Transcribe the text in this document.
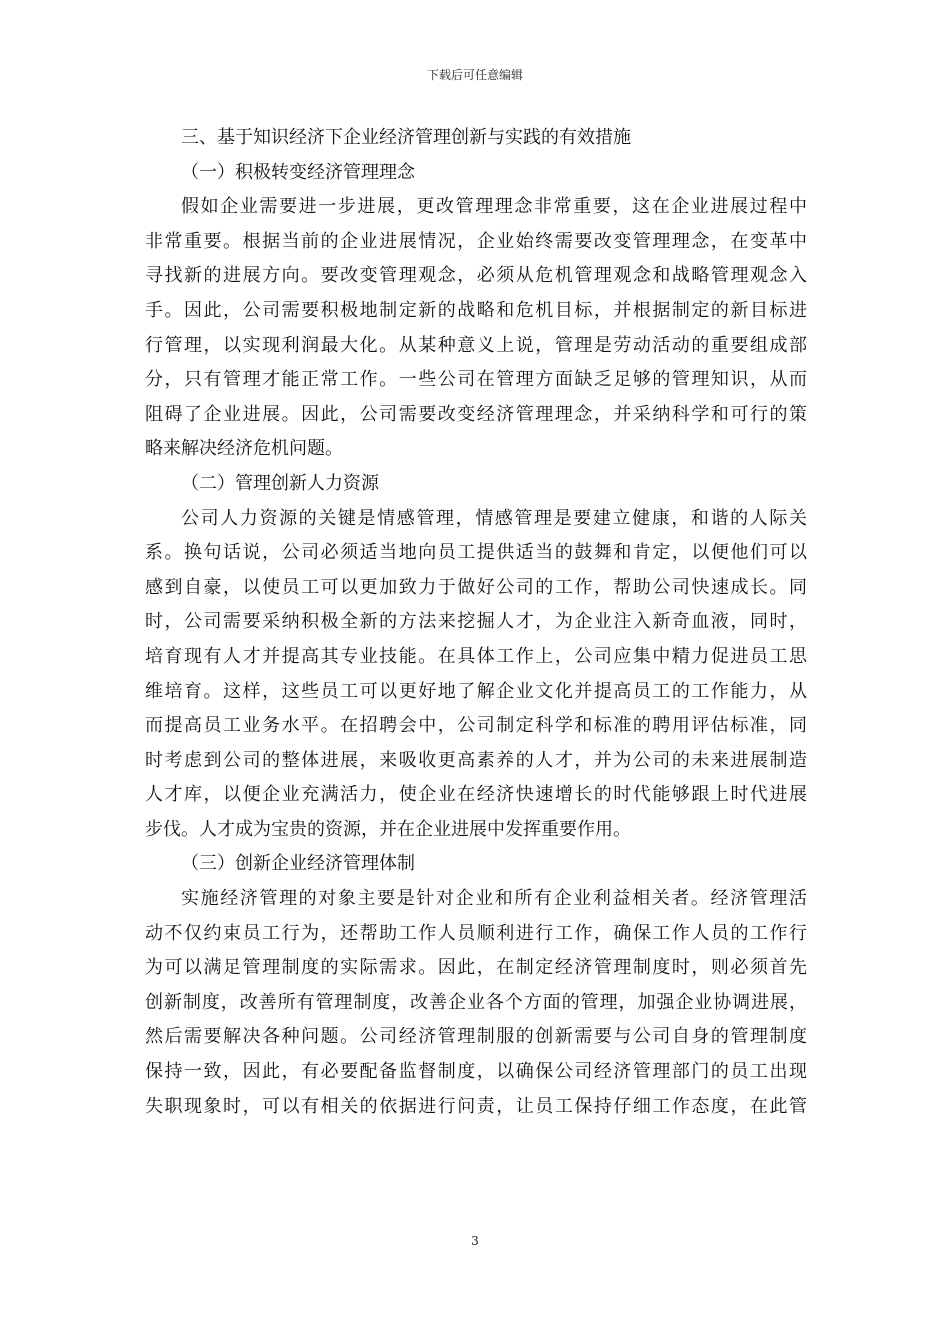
下载后可任意编辑
三、基于知识经济下企业经济管理创新与实践的有效措施
（一）积极转变经济管理理念
假如企业需要进一步进展，更改管理理念非常重要，这在企业进展过程中
非常重要。根据当前的企业进展情况，企业始终需要改变管理理念，在变革中
寻找新的进展方向。要改变管理观念，必须从危机管理观念和战略管理观念入
手。因此，公司需要积极地制定新的战略和危机目标，并根据制定的新目标进
行管理，以实现利润最大化。从某种意义上说，管理是劳动活动的重要组成部
分，只有管理才能正常工作。一些公司在管理方面缺乏足够的管理知识，从而
阻碍了企业进展。因此，公司需要改变经济管理理念，并采纳科学和可行的策
略来解决经济危机问题。
（二）管理创新人力资源
公司人力资源的关键是情感管理，情感管理是要建立健康，和谐的人际关
系。换句话说，公司必须适当地向员工提供适当的鼓舞和肯定，以便他们可以
感到自豪，以使员工可以更加致力于做好公司的工作，帮助公司快速成长。同
时，公司需要采纳积极全新的方法来挖掘人才，为企业注入新奇血液，同时，
培育现有人才并提高其专业技能。在具体工作上，公司应集中精力促进员工思
维培育。这样，这些员工可以更好地了解企业文化并提高员工的工作能力，从
而提高员工业务水平。在招聘会中，公司制定科学和标准的聘用评估标准，同
时考虑到公司的整体进展，来吸收更高素养的人才，并为公司的未来进展制造
人才库，以便企业充满活力，使企业在经济快速增长的时代能够跟上时代进展
步伐。人才成为宝贵的资源，并在企业进展中发挥重要作用。
（三）创新企业经济管理体制
实施经济管理的对象主要是针对企业和所有企业利益相关者。经济管理活
动不仅约束员工行为，还帮助工作人员顺利进行工作，确保工作人员的工作行
为可以满足管理制度的实际需求。因此，在制定经济管理制度时，则必须首先
创新制度，改善所有管理制度，改善企业各个方面的管理，加强企业协调进展，
然后需要解决各种问题。公司经济管理制服的创新需要与公司自身的管理制度
保持一致，因此，有必要配备监督制度，以确保公司经济管理部门的员工出现
失职现象时，可以有相关的依据进行问责，让员工保持仔细工作态度，在此管
3
